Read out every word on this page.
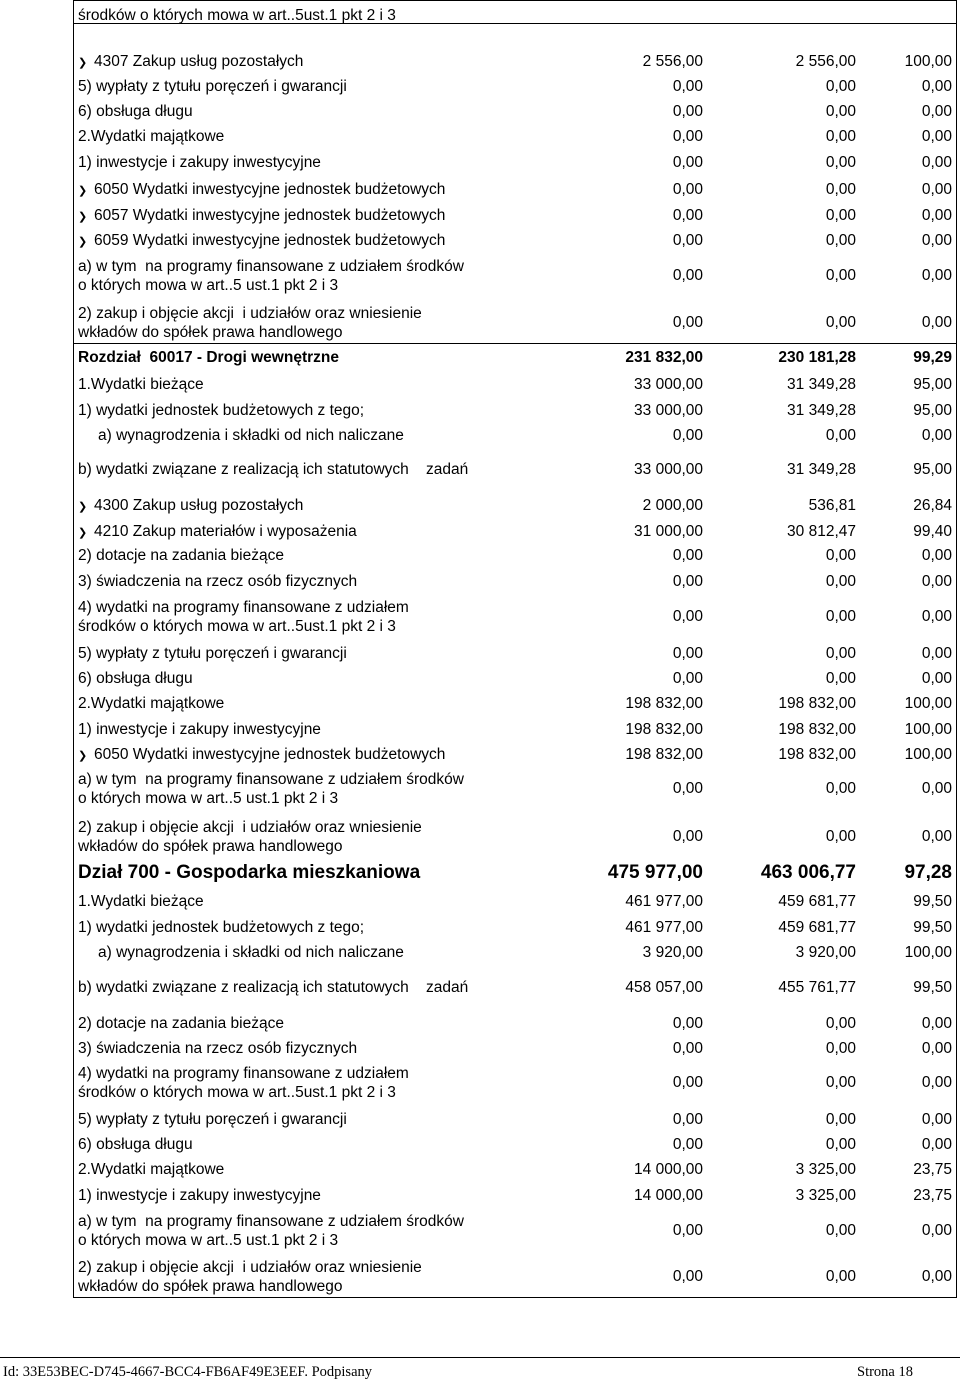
środków o których mowa w art..5ust.1 pkt 2 i 3
❯ 4307 Zakup usług pozostałych	2 556,00	2 556,00	100,00
5) wypłaty z tytułu poręczeń i gwarancji	0,00	0,00	0,00
6) obsługa długu	0,00	0,00	0,00
2.Wydatki majątkowe	0,00	0,00	0,00
1) inwestycje i zakupy inwestycyjne	0,00	0,00	0,00
❯ 6050 Wydatki inwestycyjne jednostek budżetowych	0,00	0,00	0,00
❯ 6057 Wydatki inwestycyjne jednostek budżetowych	0,00	0,00	0,00
❯ 6059 Wydatki inwestycyjne jednostek budżetowych	0,00	0,00	0,00
a) w tym  na programy finansowane z udziałem środków
o których mowa w art..5 ust.1 pkt 2 i 3
0,00	0,00	0,00
2) zakup i objęcie akcji  i udziałów oraz wniesienie
wkładów do spółek prawa handlowego
0,00	0,00	0,00
Rozdział  60017 - Drogi wewnętrzne	231 832,00	230 181,28	99,29
1.Wydatki bieżące	33 000,00	31 349,28	95,00
1) wydatki jednostek budżetowych z tego;	33 000,00	31 349,28	95,00
a) wynagrodzenia i składki od nich naliczane	0,00	0,00	0,00
b) wydatki związane z realizacją ich statutowych    zadań	33 000,00	31 349,28	95,00
❯ 4300 Zakup usług pozostałych	2 000,00	536,81	26,84
❯ 4210 Zakup materiałów i wyposażenia	31 000,00	30 812,47	99,40
2) dotacje na zadania bieżące	0,00	0,00	0,00
3) świadczenia na rzecz osób fizycznych	0,00	0,00	0,00
4) wydatki na programy finansowane z udziałem
środków o których mowa w art..5ust.1 pkt 2 i 3
0,00	0,00	0,00
5) wypłaty z tytułu poręczeń i gwarancji	0,00	0,00	0,00
6) obsługa długu	0,00	0,00	0,00
2.Wydatki majątkowe	198 832,00	198 832,00	100,00
1) inwestycje i zakupy inwestycyjne	198 832,00	198 832,00	100,00
❯ 6050 Wydatki inwestycyjne jednostek budżetowych	198 832,00	198 832,00	100,00
a) w tym  na programy finansowane z udziałem środków
o których mowa w art..5 ust.1 pkt 2 i 3
0,00	0,00	0,00
2) zakup i objęcie akcji  i udziałów oraz wniesienie
wkładów do spółek prawa handlowego
0,00	0,00	0,00
Dział 700 - Gospodarka mieszkaniowa	475 977,00	463 006,77	97,28
1.Wydatki bieżące	461 977,00	459 681,77	99,50
1) wydatki jednostek budżetowych z tego;	461 977,00	459 681,77	99,50
a) wynagrodzenia i składki od nich naliczane	3 920,00	3 920,00	100,00
b) wydatki związane z realizacją ich statutowych    zadań	458 057,00	455 761,77	99,50
2) dotacje na zadania bieżące	0,00	0,00	0,00
3) świadczenia na rzecz osób fizycznych	0,00	0,00	0,00
4) wydatki na programy finansowane z udziałem
środków o których mowa w art..5ust.1 pkt 2 i 3
0,00	0,00	0,00
5) wypłaty z tytułu poręczeń i gwarancji	0,00	0,00	0,00
6) obsługa długu	0,00	0,00	0,00
2.Wydatki majątkowe	14 000,00	3 325,00	23,75
1) inwestycje i zakupy inwestycyjne	14 000,00	3 325,00	23,75
a) w tym  na programy finansowane z udziałem środków
o których mowa w art..5 ust.1 pkt 2 i 3
0,00	0,00	0,00
2) zakup i objęcie akcji  i udziałów oraz wniesienie
wkładów do spółek prawa handlowego
0,00	0,00	0,00
Id: 33E53BEC-D745-4667-BCC4-FB6AF49E3EEF. Podpisany	Strona 18
